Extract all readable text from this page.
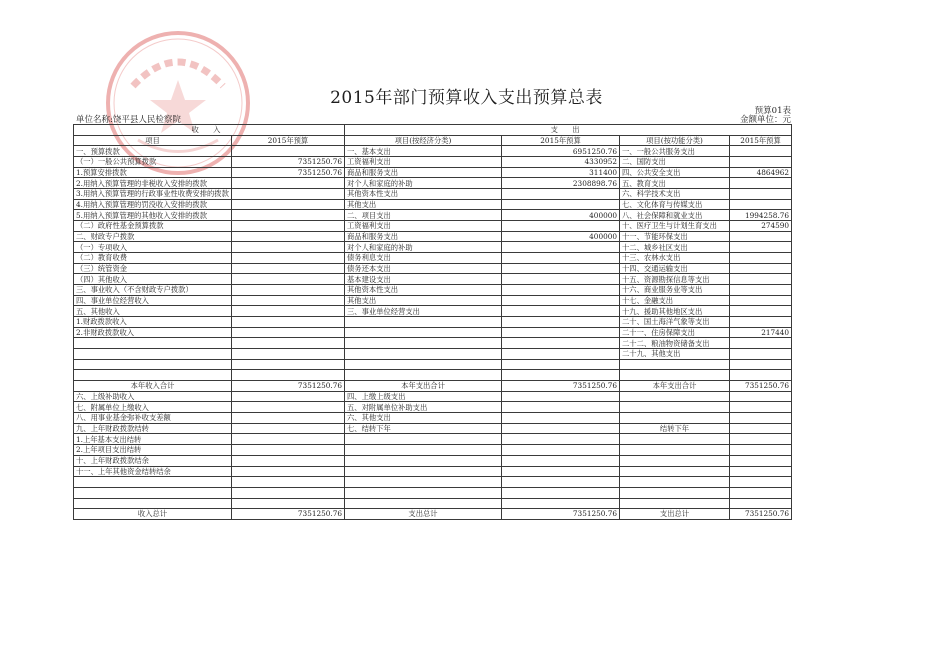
2015年部门预算收入支出预算总表
预算01表
单位名称:饶平县人民检察院	金额单位：元
收 入		支 出			
项目	2015年预算	项目(按经济分类)	2015年预算	项目(按功能分类)	2015年预算
一、预算拨款		一、基本支出	6951250.76	一、一般公共服务支出	
（一）一般公共预算拨款	7351250.76	工资福利支出	4330952	二、国防支出	
1.预算安排拨款	7351250.76	商品和服务支出	311400	四、公共安全支出	4864962
2.用纳入预算管理的非税收入安排的拨款		对个人和家庭的补助	2308898.76	五、教育支出	
3.用纳入预算管理的行政事业性收费安排的拨款		其他资本性支出		六、科学技术支出	
4.用纳入预算管理的罚没收入安排的拨款		其他支出		七、文化体育与传媒支出	
5.用纳入预算管理的其他收入安排的拨款		二、项目支出	400000	八、社会保障和就业支出	1994258.76
（二）政府性基金预算拨款		工资福利支出		十、医疗卫生与计划生育支出	274590
二、财政专户拨款		商品和服务支出	400000	十一、节能环保支出	
（一）专项收入		对个人和家庭的补助		十二、城乡社区支出	
（二）教育收费		债务利息支出		十三、农林水支出	
（三）统管资金		债务还本支出		十四、交通运输支出	
（四）其他收入		基本建设支出		十五、资源勘探信息等支出	
三、事业收入（不含财政专户拨款）		其他资本性支出		十六、商业服务业等支出	
四、事业单位经营收入		其他支出		十七、金融支出	
五、其他收入		三、事业单位经营支出		十九、援助其他地区支出	
1.财政拨款收入				二十、国土海洋气象等支出	
2.非财政拨款收入				二十一、住房保障支出	217440
				二十二、粮油物资储备支出	
				二十九、其他支出	

本年收入合计	7351250.76	本年支出合计	7351250.76	本年支出合计	7351250.76
六、上级补助收入		四、上缴上级支出			
七、附属单位上缴收入		五、对附属单位补助支出			
八、用事业基金弥补收支差额		六、其他支出			
九、上年财政拨款结转		七、结转下年		结转下年	
1.上年基本支出结转					
2.上年项目支出结转					
十、上年财政拨款结余					
十一、上年其他资金结转结余					

收入总计	7351250.76	支出总计	7351250.76	支出总计	7351250.76
